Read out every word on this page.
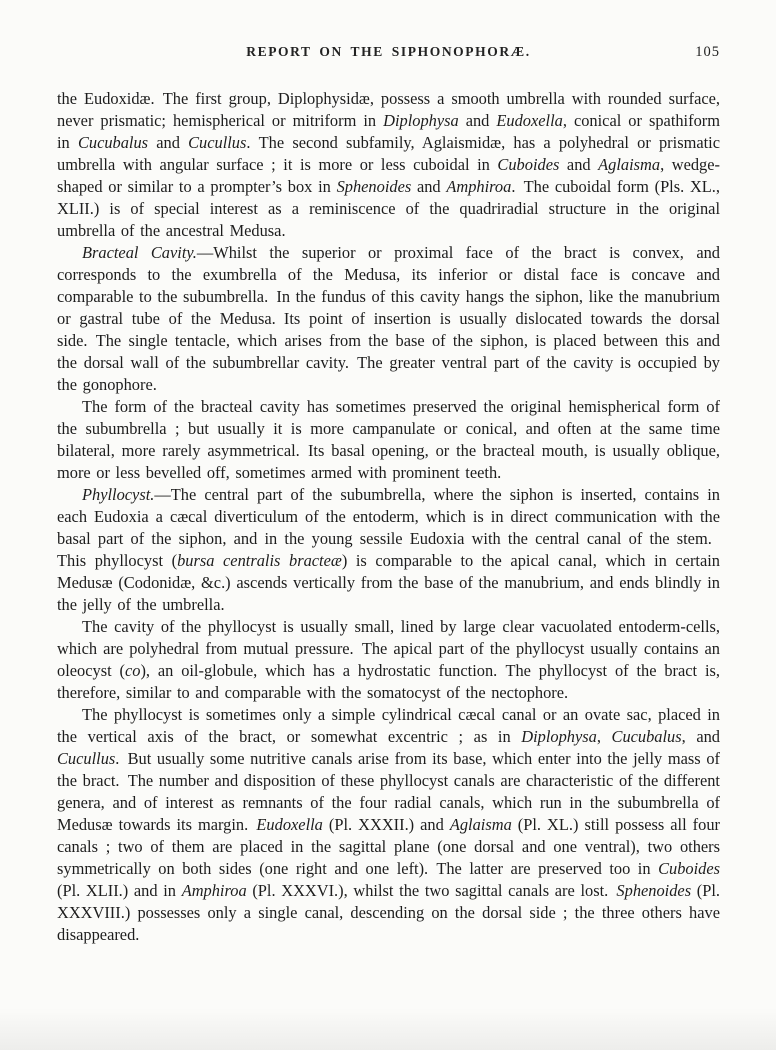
REPORT ON THE SIPHONOPHORÆ.	105

the Eudoxidæ. The first group, Diplophysidæ, possess a smooth umbrella with rounded surface, never prismatic; hemispherical or mitriform in Diplophysa and Eudoxella, conical or spathiform in Cucubalus and Cucullus. The second subfamily, Aglaismidæ, has a polyhedral or prismatic umbrella with angular surface ; it is more or less cuboidal in Cuboides and Aglaisma, wedge-shaped or similar to a prompter’s box in Sphenoides and Amphiroa. The cuboidal form (Pls. XL., XLII.) is of special interest as a reminiscence of the quadriradial structure in the original umbrella of the ancestral Medusa.

Bracteal Cavity.—Whilst the superior or proximal face of the bract is convex, and corresponds to the exumbrella of the Medusa, its inferior or distal face is concave and comparable to the subumbrella. In the fundus of this cavity hangs the siphon, like the manubrium or gastral tube of the Medusa. Its point of insertion is usually dislocated towards the dorsal side. The single tentacle, which arises from the base of the siphon, is placed between this and the dorsal wall of the subumbrellar cavity. The greater ventral part of the cavity is occupied by the gonophore.

The form of the bracteal cavity has sometimes preserved the original hemispherical form of the subumbrella ; but usually it is more campanulate or conical, and often at the same time bilateral, more rarely asymmetrical. Its basal opening, or the bracteal mouth, is usually oblique, more or less bevelled off, sometimes armed with prominent teeth.

Phyllocyst.—The central part of the subumbrella, where the siphon is inserted, contains in each Eudoxia a cæcal diverticulum of the entoderm, which is in direct communication with the basal part of the siphon, and in the young sessile Eudoxia with the central canal of the stem. This phyllocyst (bursa centralis bracteæ) is comparable to the apical canal, which in certain Medusæ (Codonidæ, &c.) ascends vertically from the base of the manubrium, and ends blindly in the jelly of the umbrella.

The cavity of the phyllocyst is usually small, lined by large clear vacuolated entoderm-cells, which are polyhedral from mutual pressure. The apical part of the phyllocyst usually contains an oleocyst (co), an oil-globule, which has a hydrostatic function. The phyllocyst of the bract is, therefore, similar to and comparable with the somatocyst of the nectophore.

The phyllocyst is sometimes only a simple cylindrical cæcal canal or an ovate sac, placed in the vertical axis of the bract, or somewhat excentric ; as in Diplophysa, Cucubalus, and Cucullus. But usually some nutritive canals arise from its base, which enter into the jelly mass of the bract. The number and disposition of these phyllocyst canals are characteristic of the different genera, and of interest as remnants of the four radial canals, which run in the subumbrella of Medusæ towards its margin. Eudoxella (Pl. XXXII.) and Aglaisma (Pl. XL.) still possess all four canals ; two of them are placed in the sagittal plane (one dorsal and one ventral), two others symmetrically on both sides (one right and one left). The latter are preserved too in Cuboides (Pl. XLII.) and in Amphiroa (Pl. XXXVI.), whilst the two sagittal canals are lost. Sphenoides (Pl. XXXVIII.) possesses only a single canal, descending on the dorsal side ; the three others have disappeared.
